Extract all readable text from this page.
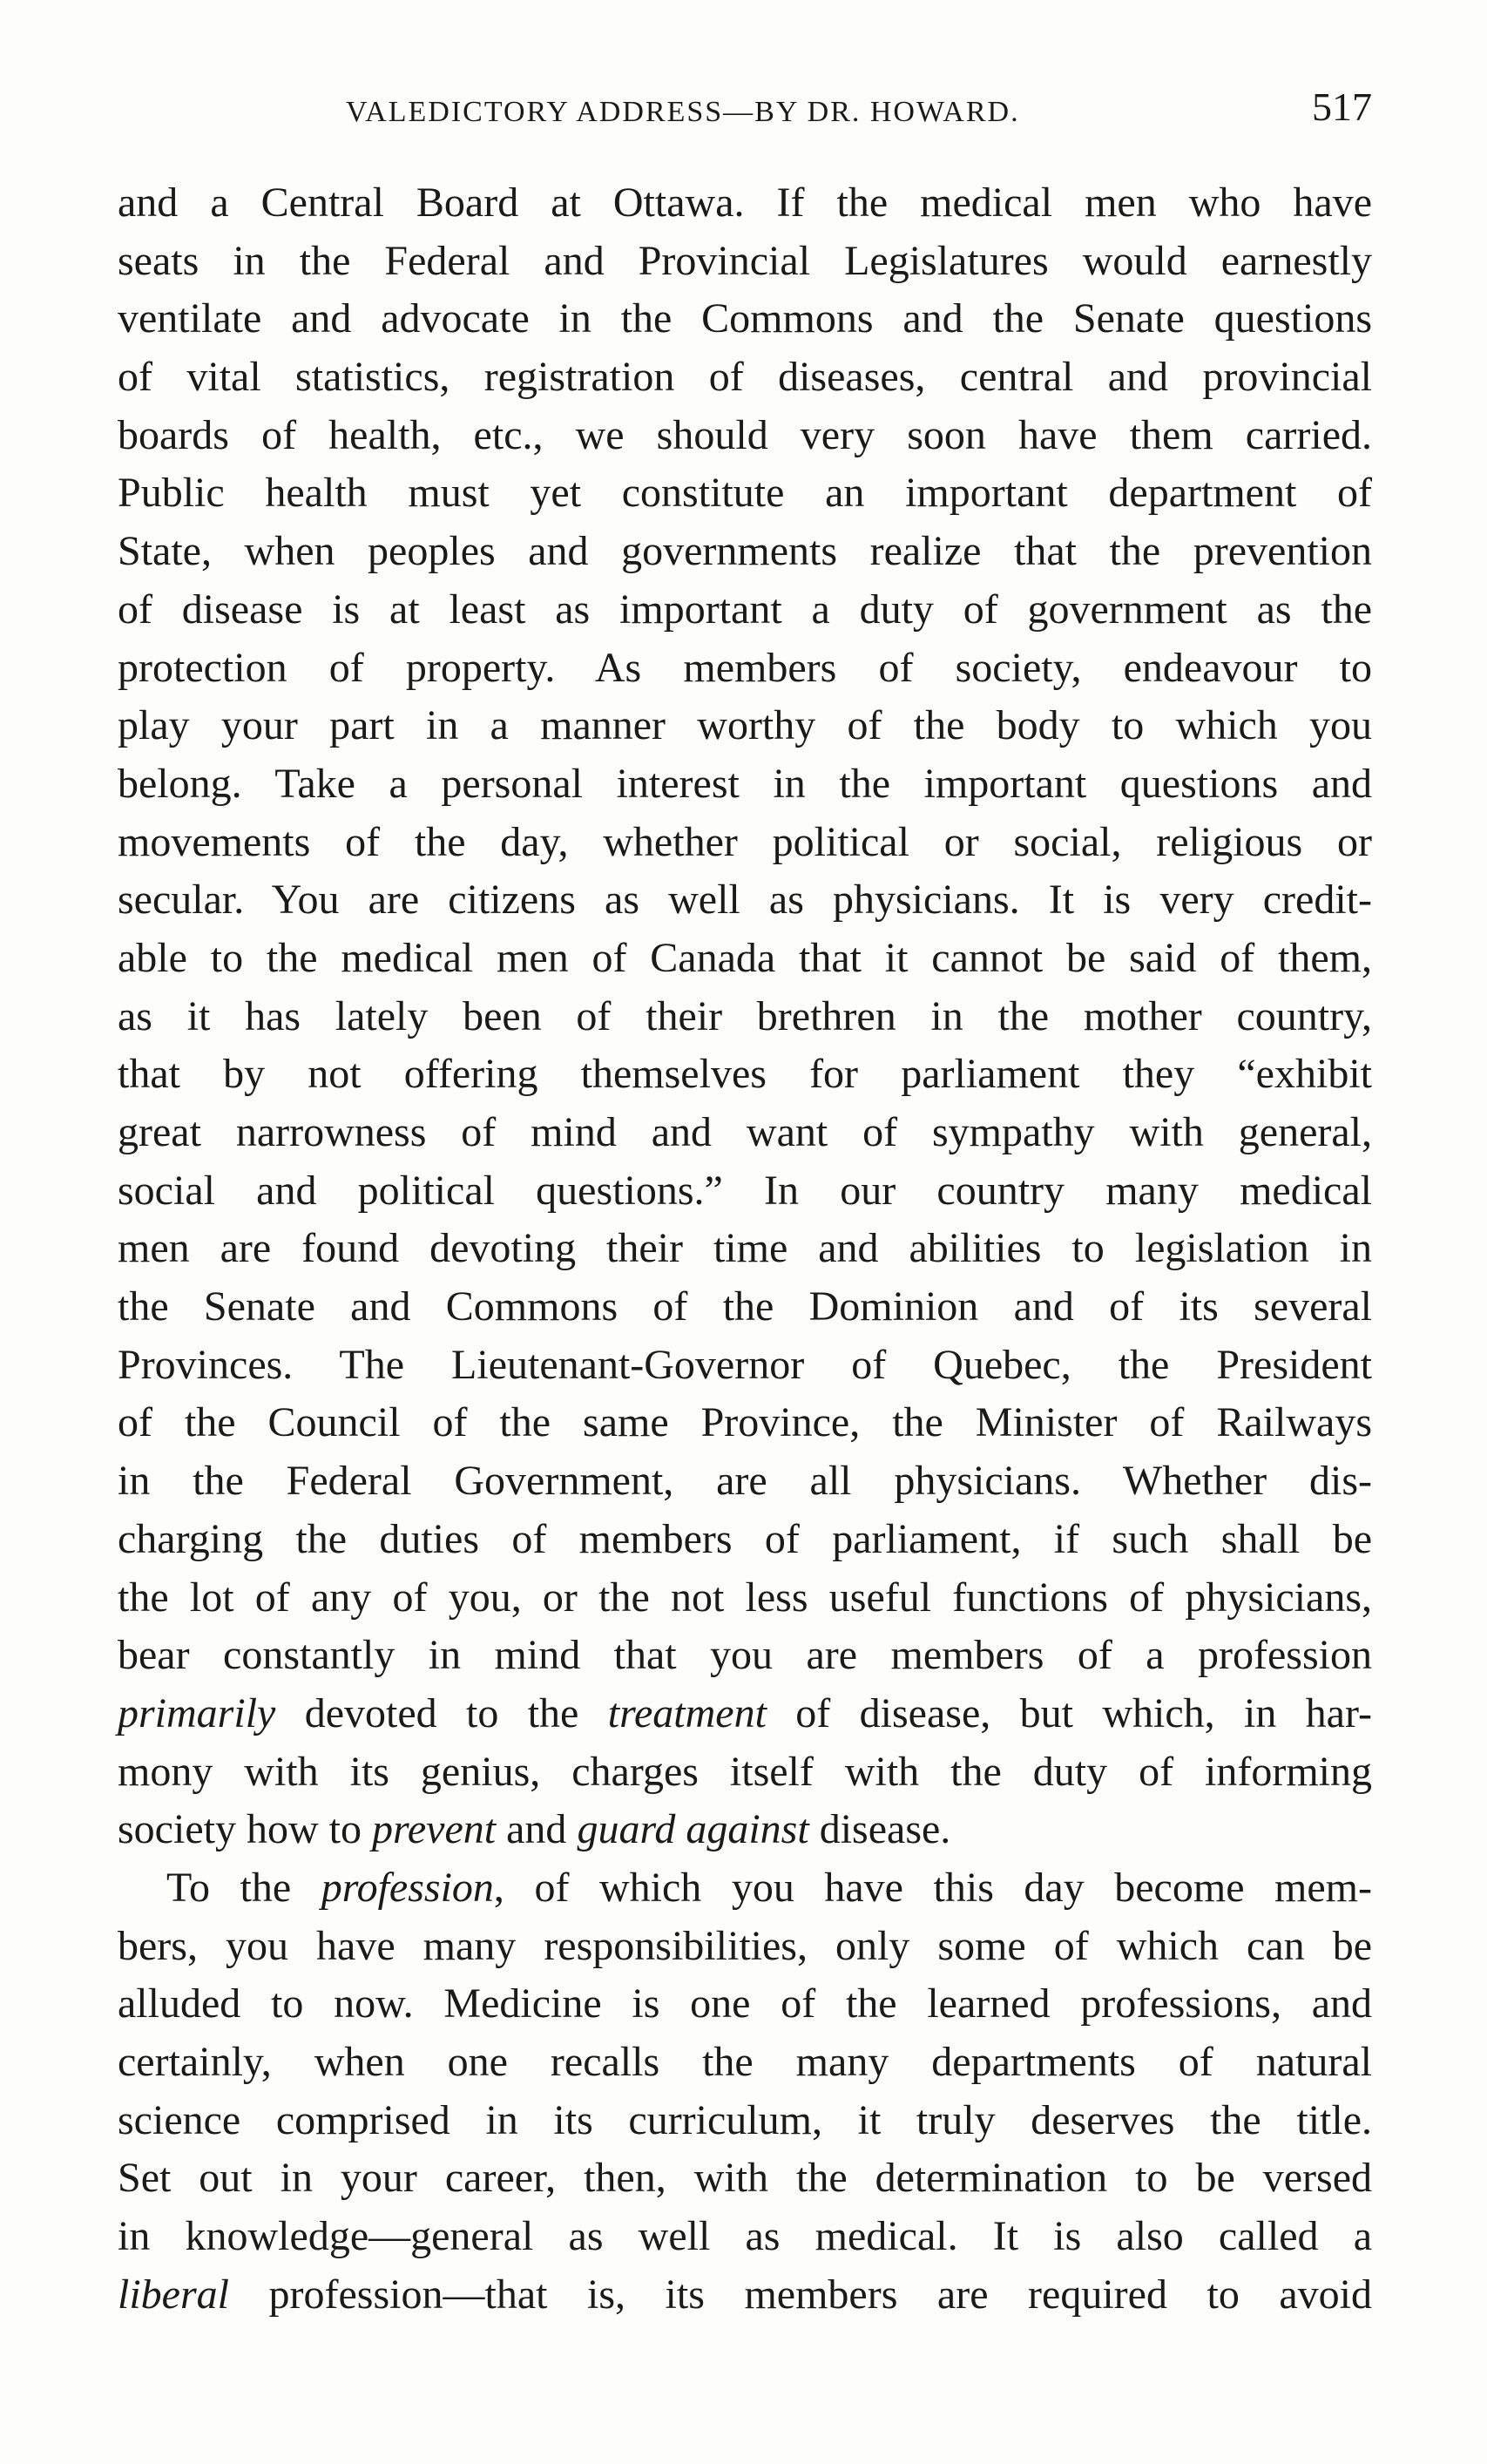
VALEDICTORY ADDRESS—BY DR. HOWARD.	517
and a Central Board at Ottawa. If the medical men who have
seats in the Federal and Provincial Legislatures would earnestly
ventilate and advocate in the Commons and the Senate questions
of vital statistics, registration of diseases, central and provincial
boards of health, etc., we should very soon have them carried.
Public health must yet constitute an important department of
State, when peoples and governments realize that the prevention
of disease is at least as important a duty of government as the
protection of property. As members of society, endeavour to
play your part in a manner worthy of the body to which you
belong. Take a personal interest in the important questions and
movements of the day, whether political or social, religious or
secular. You are citizens as well as physicians. It is very credit-
able to the medical men of Canada that it cannot be said of them,
as it has lately been of their brethren in the mother country,
that by not offering themselves for parliament they “exhibit
great narrowness of mind and want of sympathy with general,
social and political questions.” In our country many medical
men are found devoting their time and abilities to legislation in
the Senate and Commons of the Dominion and of its several
Provinces. The Lieutenant-Governor of Quebec, the President
of the Council of the same Province, the Minister of Railways
in the Federal Government, are all physicians. Whether dis-
charging the duties of members of parliament, if such shall be
the lot of any of you, or the not less useful functions of physicians,
bear constantly in mind that you are members of a profession
primarily devoted to the treatment of disease, but which, in har-
mony with its genius, charges itself with the duty of informing
society how to prevent and guard against disease.
To the profession, of which you have this day become mem-
bers, you have many responsibilities, only some of which can be
alluded to now. Medicine is one of the learned professions, and
certainly, when one recalls the many departments of natural
science comprised in its curriculum, it truly deserves the title.
Set out in your career, then, with the determination to be versed
in knowledge—general as well as medical. It is also called a
liberal profession—that is, its members are required to avoid
